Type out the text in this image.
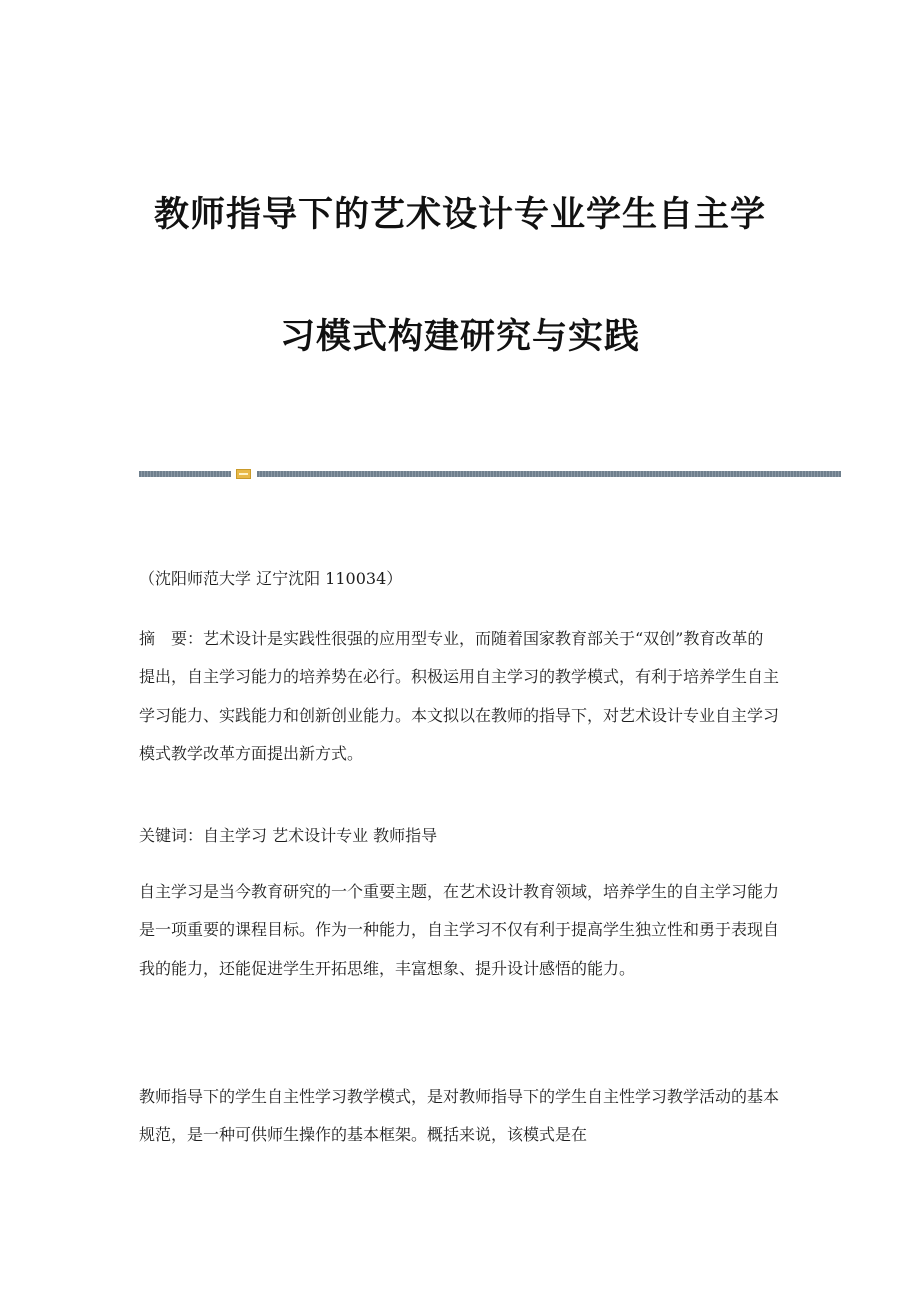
教师指导下的艺术设计专业学生自主学
习模式构建研究与实践

（沈阳师范大学 辽宁沈阳 110034）

摘　要：艺术设计是实践性很强的应用型专业，而随着国家教育部关于“双创”教育改革的提出，自主学习能力的培养势在必行。积极运用自主学习的教学模式，有利于培养学生自主学习能力、实践能力和创新创业能力。本文拟以在教师的指导下，对艺术设计专业自主学习模式教学改革方面提出新方式。

关键词：自主学习 艺术设计专业 教师指导

自主学习是当今教育研究的一个重要主题，在艺术设计教育领域，培养学生的自主学习能力是一项重要的课程目标。作为一种能力，自主学习不仅有利于提高学生独立性和勇于表现自我的能力，还能促进学生开拓思维，丰富想象、提升设计感悟的能力。

教师指导下的学生自主性学习教学模式，是对教师指导下的学生自主性学习教学活动的基本规范，是一种可供师生操作的基本框架。概括来说，该模式是在
